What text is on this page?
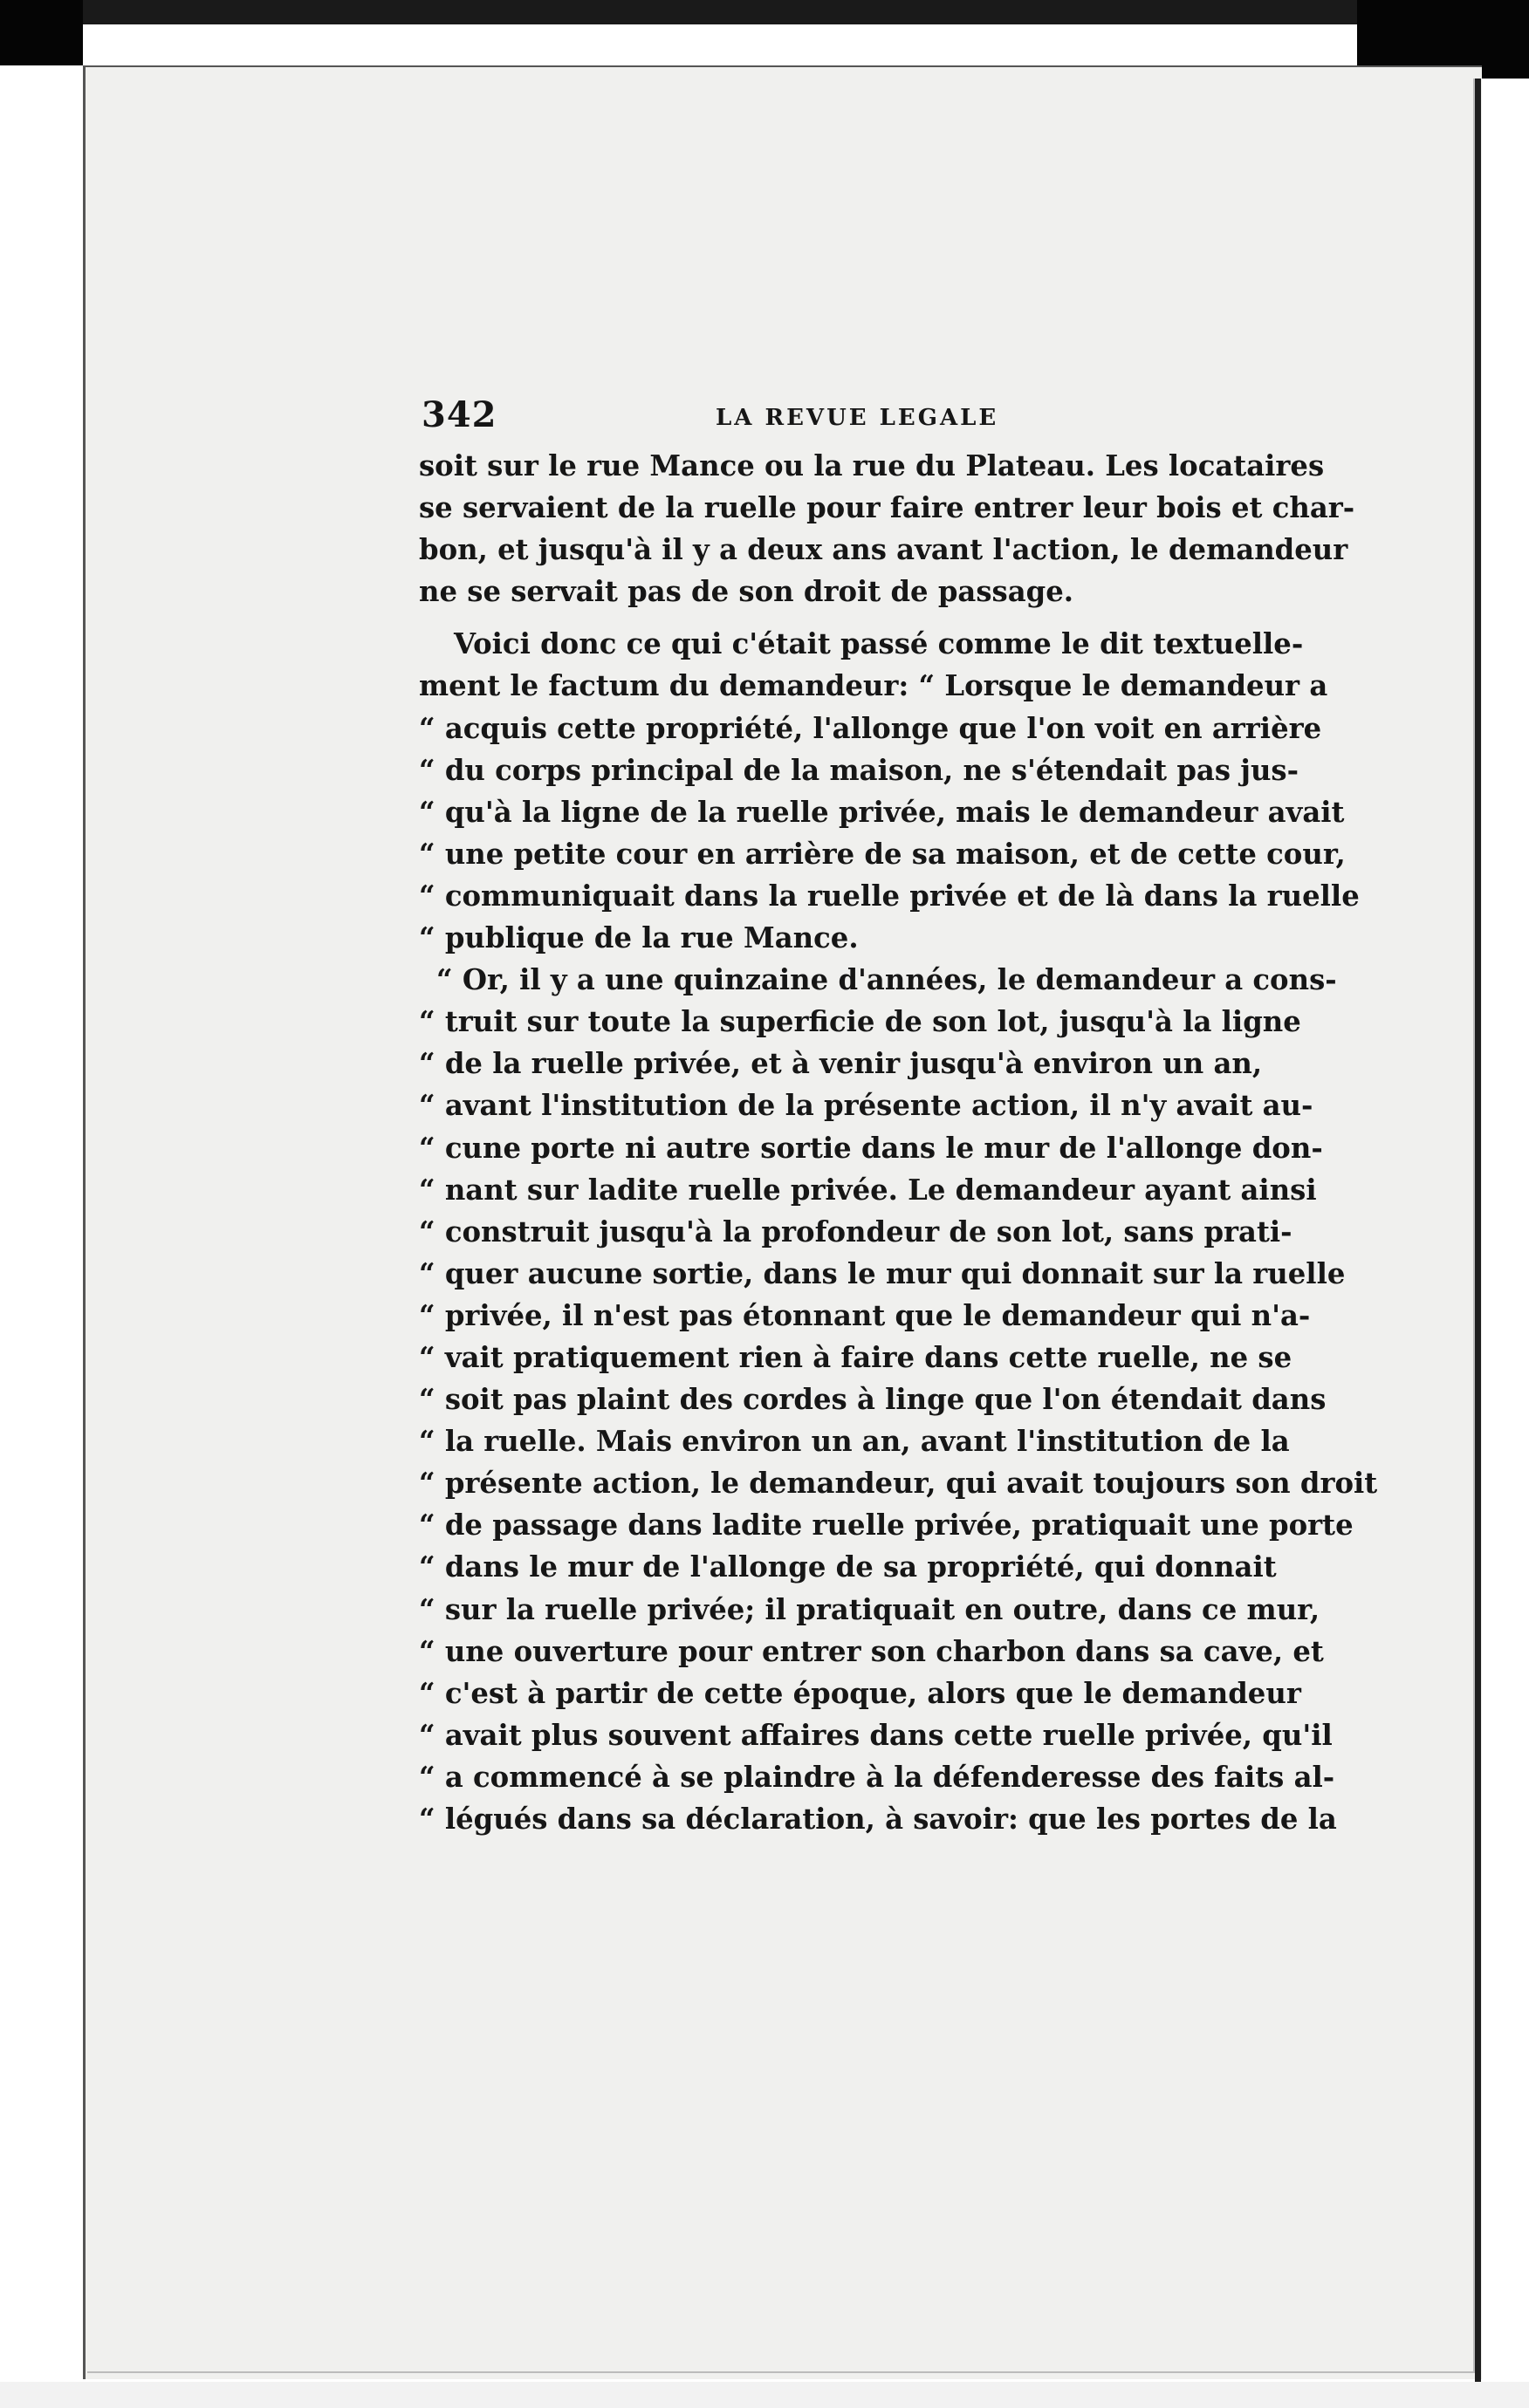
342	LA REVUE LEGALE
soit sur le rue Mance ou la rue du Plateau. Les locataires
se servaient de la ruelle pour faire entrer leur bois et char-
bon, et jusqu'à il y a deux ans avant l'action, le demandeur
ne se servait pas de son droit de passage.
Voici donc ce qui c'était passé comme le dit textuelle-
ment le factum du demandeur: “ Lorsque le demandeur a
“ acquis cette propriété, l'allonge que l'on voit en arrière
“ du corps principal de la maison, ne s'étendait pas jus-
“ qu'à la ligne de la ruelle privée, mais le demandeur avait
“ une petite cour en arrière de sa maison, et de cette cour,
“ communiquait dans la ruelle privée et de là dans la ruelle
“ publique de la rue Mance.
“ Or, il y a une quinzaine d'années, le demandeur a cons-
“ truit sur toute la superficie de son lot, jusqu'à la ligne
“ de la ruelle privée, et à venir jusqu'à environ un an,
“ avant l'institution de la présente action, il n'y avait au-
“ cune porte ni autre sortie dans le mur de l'allonge don-
“ nant sur ladite ruelle privée. Le demandeur ayant ainsi
“ construit jusqu'à la profondeur de son lot, sans prati-
“ quer aucune sortie, dans le mur qui donnait sur la ruelle
“ privée, il n'est pas étonnant que le demandeur qui n'a-
“ vait pratiquement rien à faire dans cette ruelle, ne se
“ soit pas plaint des cordes à linge que l'on étendait dans
“ la ruelle. Mais environ un an, avant l'institution de la
“ présente action, le demandeur, qui avait toujours son droit
“ de passage dans ladite ruelle privée, pratiquait une porte
“ dans le mur de l'allonge de sa propriété, qui donnait
“ sur la ruelle privée; il pratiquait en outre, dans ce mur,
“ une ouverture pour entrer son charbon dans sa cave, et
“ c'est à partir de cette époque, alors que le demandeur
“ avait plus souvent affaires dans cette ruelle privée, qu'il
“ a commencé à se plaindre à la défenderesse des faits al-
“ légués dans sa déclaration, à savoir: que les portes de la
